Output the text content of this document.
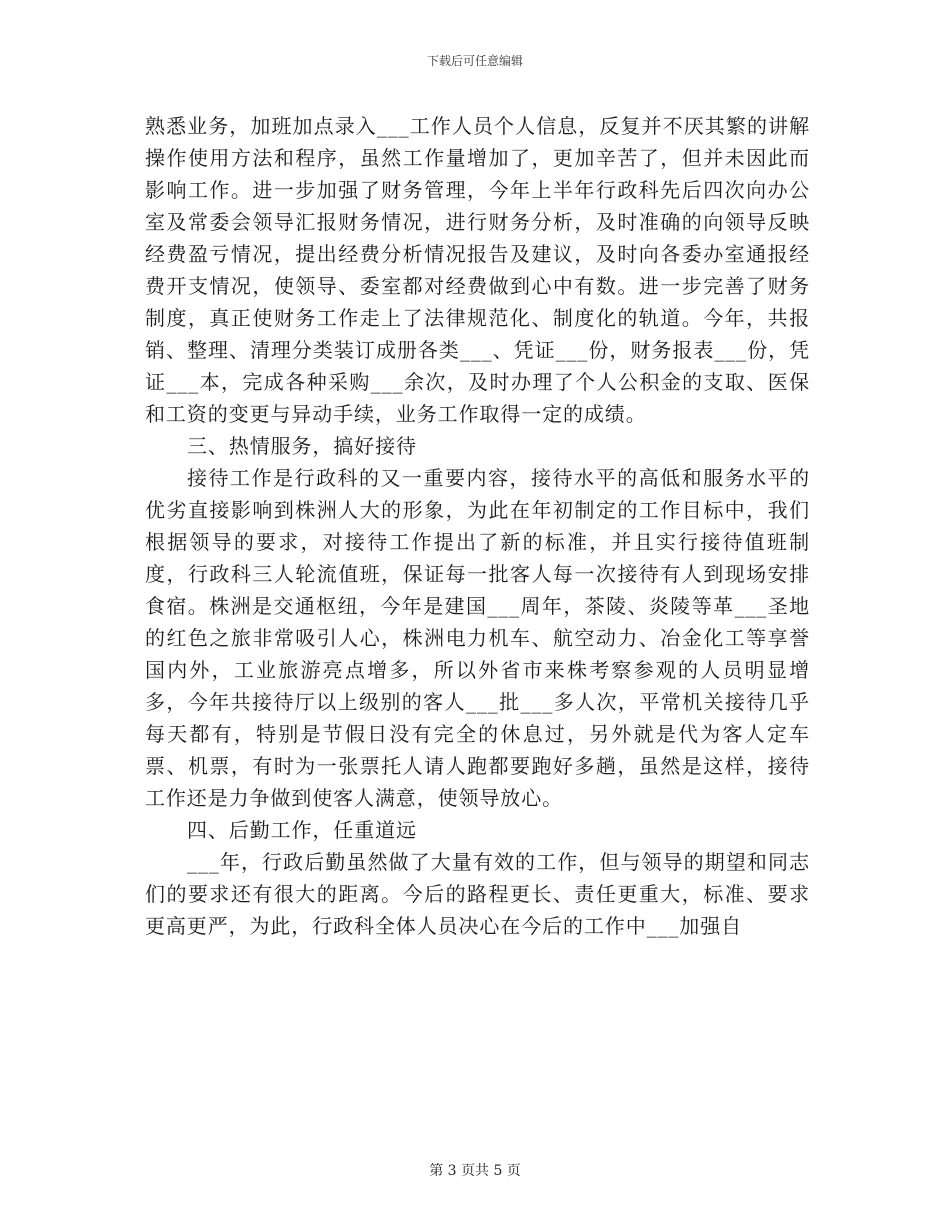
下载后可任意编辑

熟悉业务，加班加点录入___工作人员个人信息，反复并不厌其繁的讲解操作使用方法和程序，虽然工作量增加了，更加辛苦了，但并未因此而影响工作。进一步加强了财务管理，今年上半年行政科先后四次向办公室及常委会领导汇报财务情况，进行财务分析，及时准确的向领导反映经费盈亏情况，提出经费分析情况报告及建议，及时向各委办室通报经费开支情况，使领导、委室都对经费做到心中有数。进一步完善了财务制度，真正使财务工作走上了法律规范化、制度化的轨道。今年，共报销、整理、清理分类装订成册各类___、凭证___份，财务报表___份，凭证___本，完成各种采购___余次，及时办理了个人公积金的支取、医保和工资的变更与异动手续，业务工作取得一定的成绩。

三、热情服务，搞好接待

接待工作是行政科的又一重要内容，接待水平的高低和服务水平的优劣直接影响到株洲人大的形象，为此在年初制定的工作目标中，我们根据领导的要求，对接待工作提出了新的标准，并且实行接待值班制度，行政科三人轮流值班，保证每一批客人每一次接待有人到现场安排食宿。株洲是交通枢纽，今年是建国___周年，茶陵、炎陵等革___圣地的红色之旅非常吸引人心，株洲电力机车、航空动力、冶金化工等享誉国内外，工业旅游亮点增多，所以外省市来株考察参观的人员明显增多，今年共接待厅以上级别的客人___批___多人次，平常机关接待几乎每天都有，特别是节假日没有完全的休息过，另外就是代为客人定车票、机票，有时为一张票托人请人跑都要跑好多趟，虽然是这样，接待工作还是力争做到使客人满意，使领导放心。

四、后勤工作，任重道远

___年，行政后勤虽然做了大量有效的工作，但与领导的期望和同志们的要求还有很大的距离。今后的路程更长、责任更重大，标准、要求更高更严，为此，行政科全体人员决心在今后的工作中___加强自

第 3 页共 5 页
